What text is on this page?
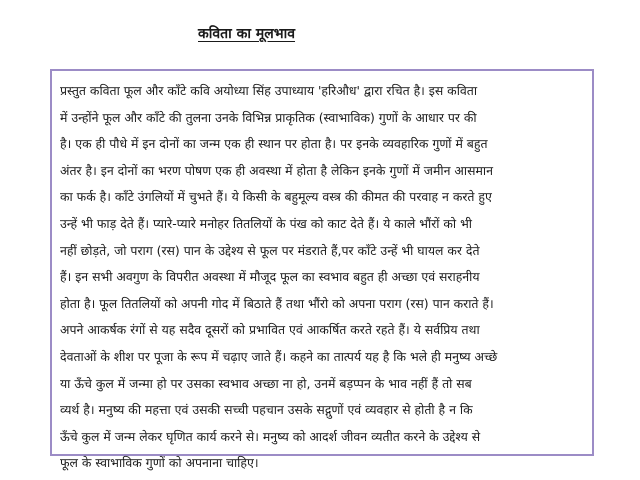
कविता का मूलभाव
प्रस्तुत कविता फूल और काँटे कवि अयोध्या सिंह उपाध्याय 'हरिऔध' द्वारा रचित है। इस कविता
में उन्होंने फूल और काँटे की तुलना उनके विभिन्न प्राकृतिक (स्वाभाविक) गुणों के आधार पर की
है। एक ही पौधे में इन दोनों का जन्म एक ही स्थान पर होता है। पर इनके व्यवहारिक गुणों में बहुत
अंतर है। इन दोनों का भरण पोषण एक ही अवस्था में होता है लेकिन इनके गुणों में जमीन आसमान
का फर्क है। काँटे उंगलियों में चुभते हैं। ये किसी के बहुमूल्य वस्त्र की कीमत की परवाह न करते हुए
उन्हें भी फाड़ देते हैं। प्यारे-प्यारे मनोहर तितलियों के पंख को काट देते हैं। ये काले भौंरों को भी
नहीं छोड़ते, जो पराग (रस) पान के उद्देश्य से फूल पर मंडराते हैं,पर काँटे उन्हें भी घायल कर देते
हैं। इन सभी अवगुण के विपरीत अवस्था में मौजूद फूल का स्वभाव बहुत ही अच्छा एवं सराहनीय
होता है। फूल तितलियों को अपनी गोद में बिठाते हैं तथा भौंरो को अपना पराग (रस) पान कराते हैं।
अपने आकर्षक रंगों से यह सदैव दूसरों को प्रभावित एवं आकर्षित करते रहते हैं। ये सर्वप्रिय तथा
देवताओं के शीश पर पूजा के रूप में चढ़ाए जाते हैं। कहने का तात्पर्य यह है कि भले ही मनुष्य अच्छे
या ऊँचे कुल में जन्मा हो पर उसका स्वभाव अच्छा ना हो, उनमें बड़प्पन के भाव नहीं हैं तो सब
व्यर्थ है। मनुष्य की महत्ता एवं उसकी सच्ची पहचान उसके सद्गुणों एवं व्यवहार से होती है न कि
ऊँचे कुल में जन्म लेकर घृणित कार्य करने से। मनुष्य को आदर्श जीवन व्यतीत करने के उद्देश्य से
फूल के स्वाभाविक गुणों को अपनाना चाहिए।
